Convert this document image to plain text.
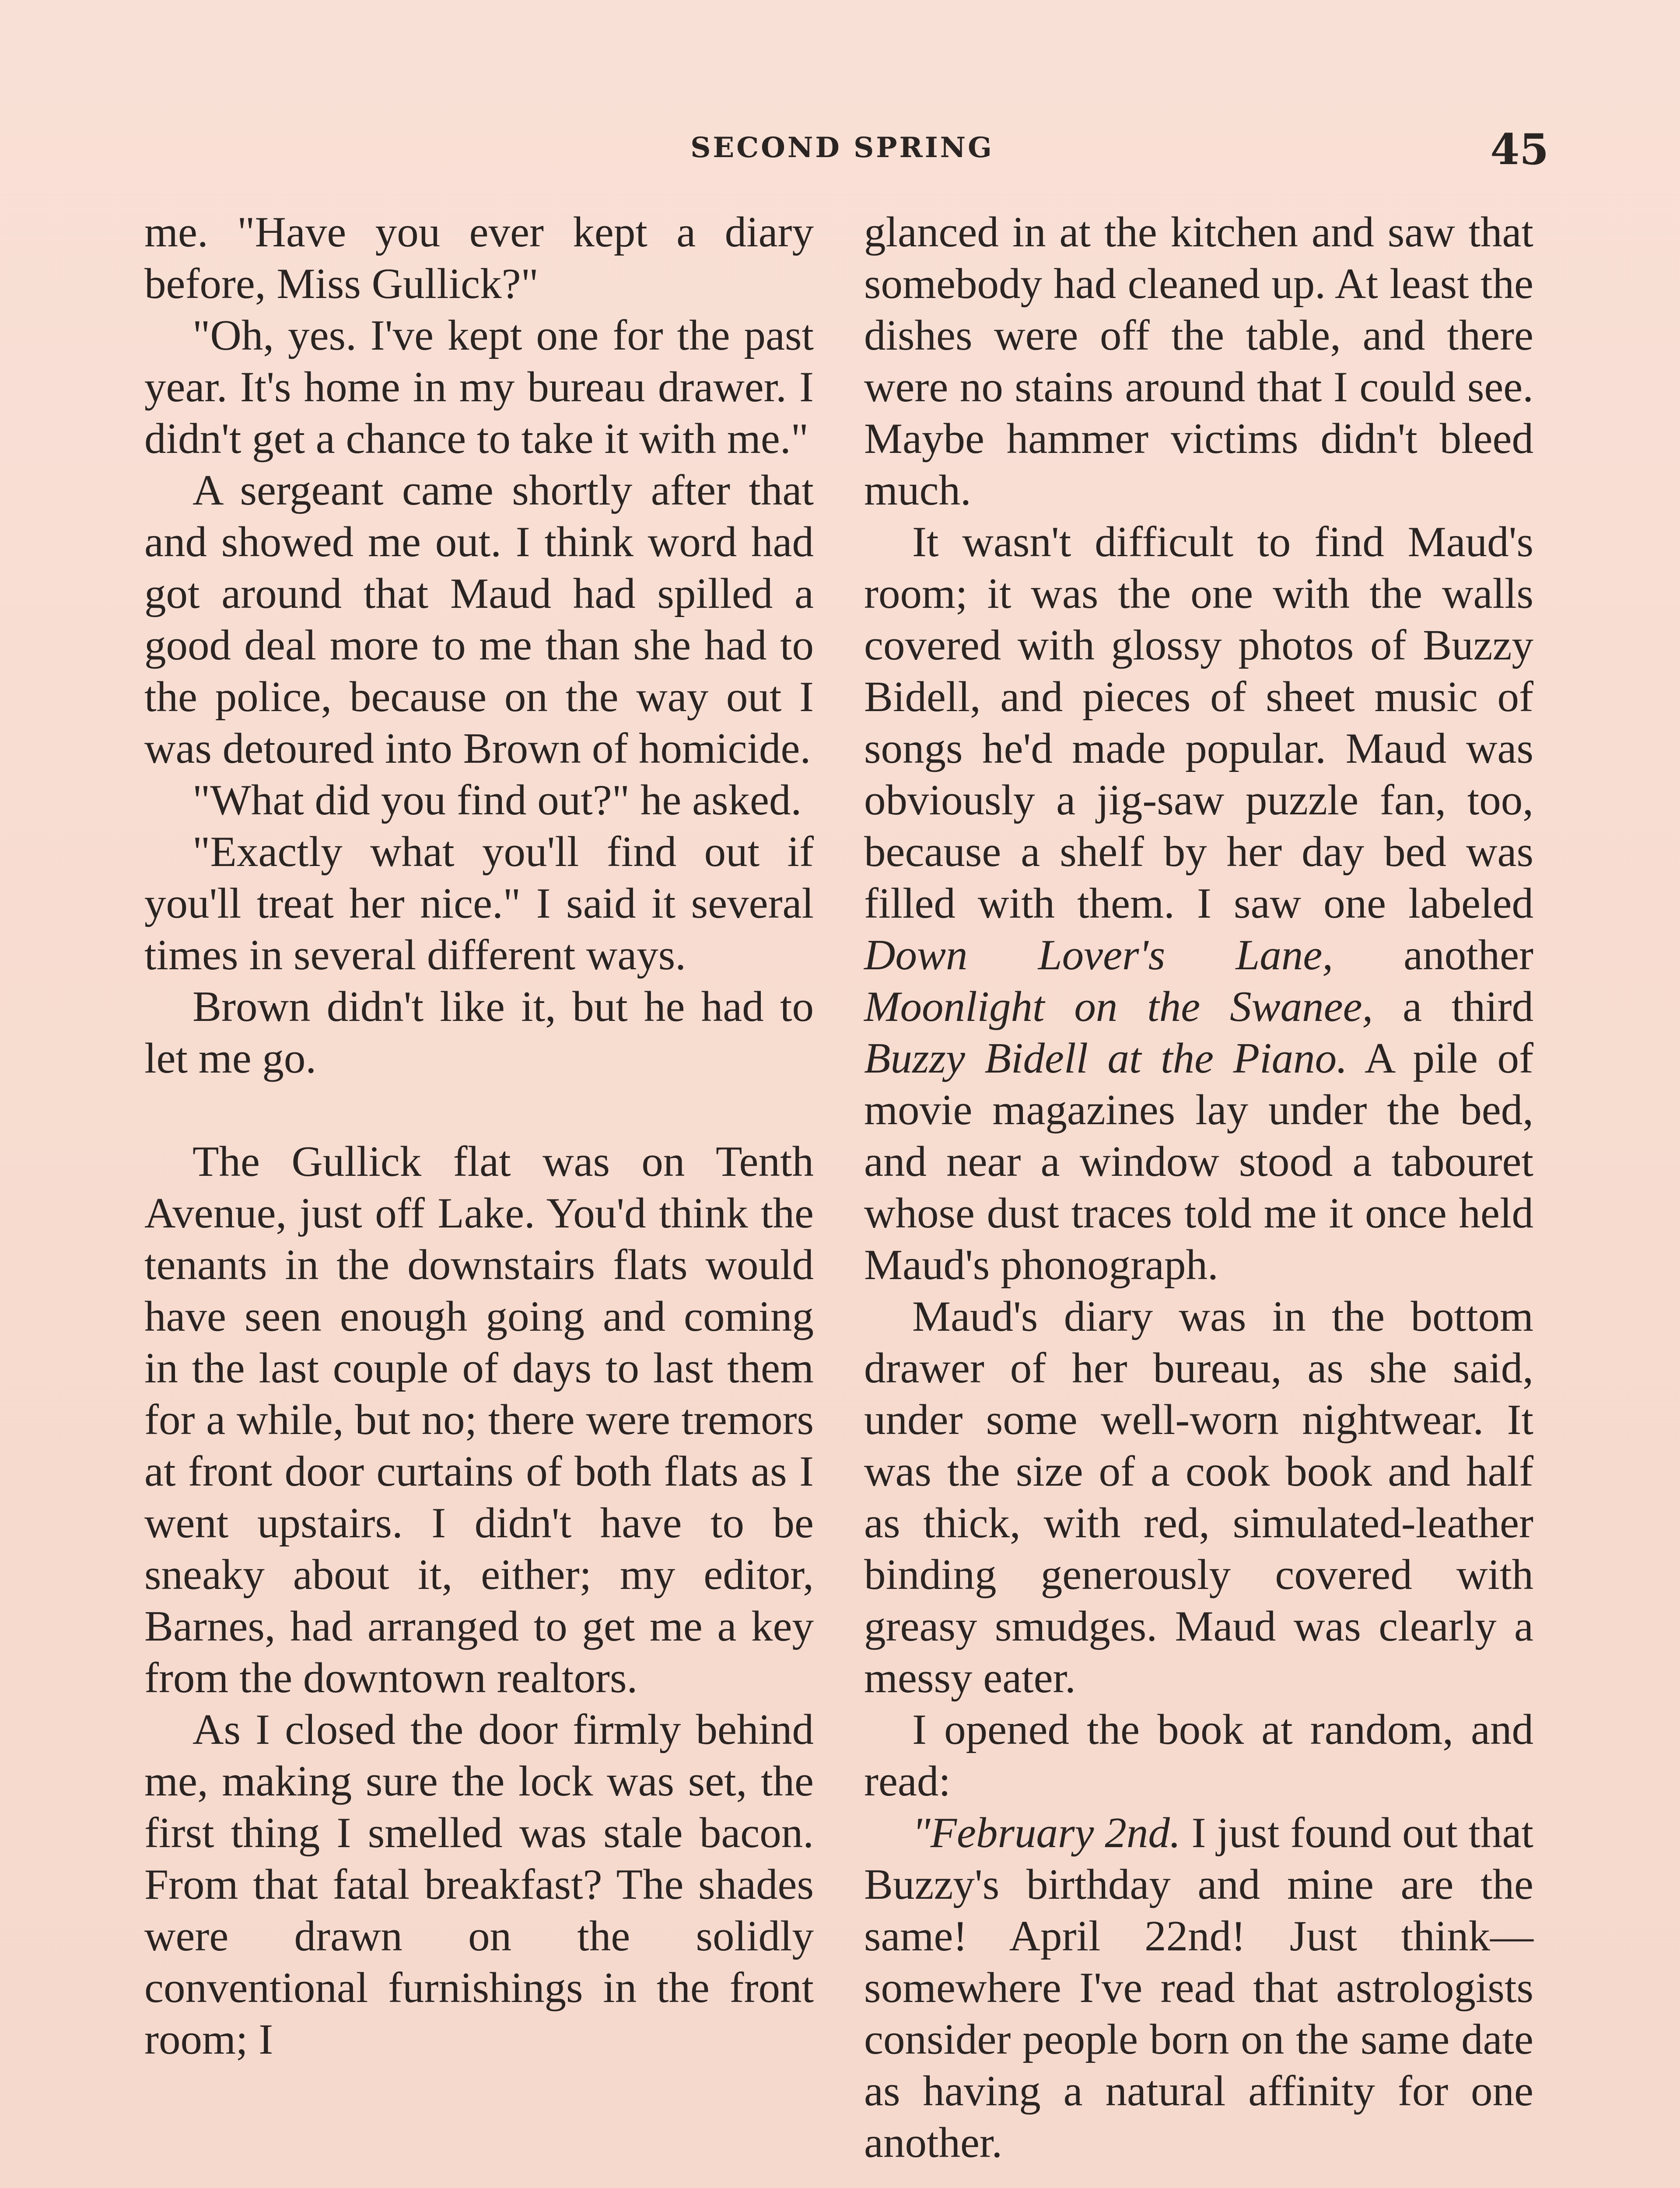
SECOND SPRING	45

me. "Have you ever kept a diary before, Miss Gullick?"

"Oh, yes. I've kept one for the past year. It's home in my bureau drawer. I didn't get a chance to take it with me."

A sergeant came shortly after that and showed me out. I think word had got around that Maud had spilled a good deal more to me than she had to the police, because on the way out I was detoured into Brown of homicide.

"What did you find out?" he asked.

"Exactly what you'll find out if you'll treat her nice." I said it several times in several different ways.

Brown didn't like it, but he had to let me go.

The Gullick flat was on Tenth Avenue, just off Lake. You'd think the tenants in the downstairs flats would have seen enough going and coming in the last couple of days to last them for a while, but no; there were tremors at front door curtains of both flats as I went upstairs. I didn't have to be sneaky about it, either; my editor, Barnes, had arranged to get me a key from the downtown realtors.

As I closed the door firmly behind me, making sure the lock was set, the first thing I smelled was stale bacon. From that fatal breakfast? The shades were drawn on the solidly conventional furnishings in the front room; I

glanced in at the kitchen and saw that somebody had cleaned up. At least the dishes were off the table, and there were no stains around that I could see. Maybe hammer victims didn't bleed much.

It wasn't difficult to find Maud's room; it was the one with the walls covered with glossy photos of Buzzy Bidell, and pieces of sheet music of songs he'd made popular. Maud was obviously a jig-saw puzzle fan, too, because a shelf by her day bed was filled with them. I saw one labeled Down Lover's Lane, another Moonlight on the Swanee, a third Buzzy Bidell at the Piano. A pile of movie magazines lay under the bed, and near a window stood a tabouret whose dust traces told me it once held Maud's phonograph.

Maud's diary was in the bottom drawer of her bureau, as she said, under some well-worn nightwear. It was the size of a cook book and half as thick, with red, simulated-leather binding generously covered with greasy smudges. Maud was clearly a messy eater.

I opened the book at random, and read:

"February 2nd. I just found out that Buzzy's birthday and mine are the same! April 22nd! Just think—somewhere I've read that astrologists consider people born on the same date as having a natural affinity for one another.
